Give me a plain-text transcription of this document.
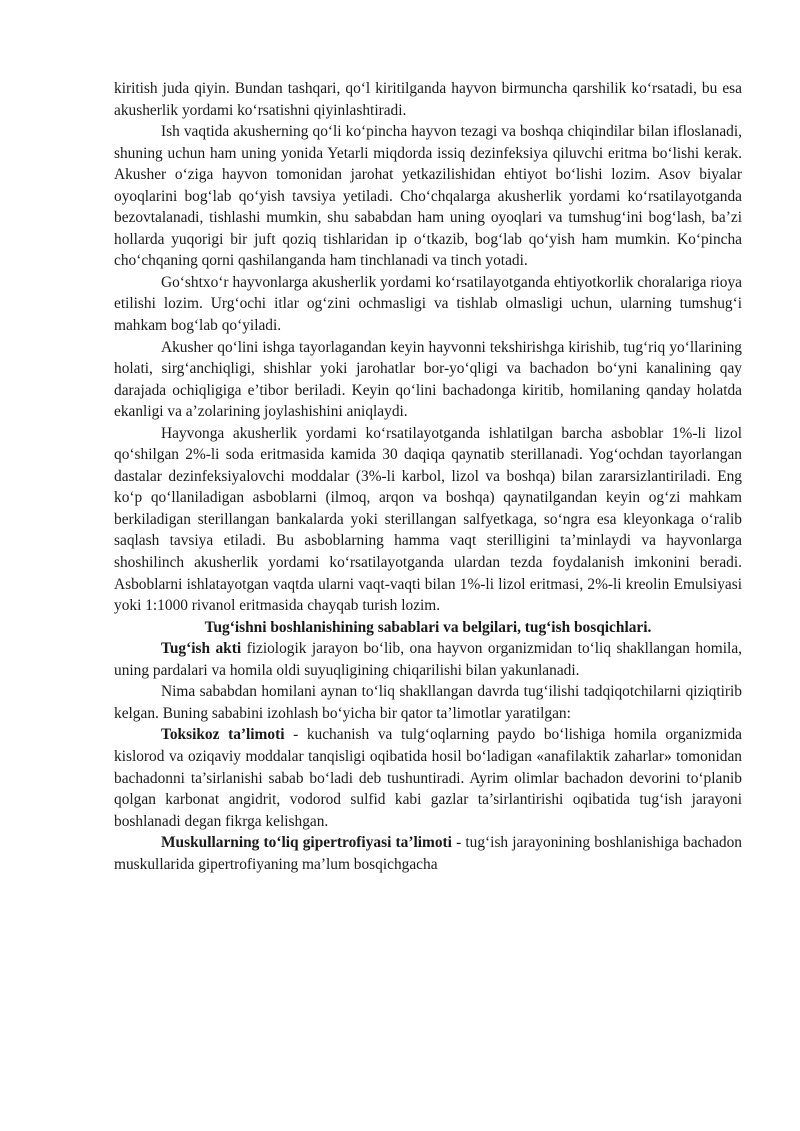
kiritish juda qiyin. Bundan tashqari, qo‘l kiritilganda hayvon birmuncha qarshilik ko‘rsatadi, bu esa akusherlik yordami ko‘rsatishni qiyinlashtiradi.

Ish vaqtida akusherning qo‘li ko‘pincha hayvon tezagi va boshqa chiqindilar bilan ifloslanadi, shuning uchun ham uning yonida Yetarli miqdorda issiq dezinfeksiya qiluvchi eritma bo‘lishi kerak. Akusher o‘ziga hayvon tomonidan jarohat yetkazilishidan ehtiyot bo‘lishi lozim. Asov biyalar oyoqlarini bog‘lab qo‘yish tavsiya yetiladi. Cho‘chqalarga akusherlik yordami ko‘rsatilayotganda bezovtalanadi, tishlashi mumkin, shu sababdan ham uning oyoqlari va tumshug‘ini bog‘lash, ba’zi hollarda yuqorigi bir juft qoziq tishlaridan ip o‘tkazib, bog‘lab qo‘yish ham mumkin. Ko‘pincha cho‘chqaning qorni qashilanganda ham tinchlanadi va tinch yotadi.

Go‘shtxo‘r hayvonlarga akusherlik yordami ko‘rsatilayotganda ehtiyotkorlik choralariga rioya etilishi lozim. Urg‘ochi itlar og‘zini ochmasligi va tishlab olmasligi uchun, ularning tumshug‘i mahkam bog‘lab qo‘yiladi.

Akusher qo‘lini ishga tayorlagandan keyin hayvonni tekshirishga kirishib, tug‘riq yo‘llarining holati, sirg‘anchiqligi, shishlar yoki jarohatlar bor-yo‘qligi va bachadon bo‘yni kanalining qay darajada ochiqligiga e’tibor beriladi. Keyin qo‘lini bachadonga kiritib, homilaning qanday holatda ekanligi va a’zolarining joylashishini aniqlaydi.

Hayvonga akusherlik yordami ko‘rsatilayotganda ishlatilgan barcha asboblar 1%-li lizol qo‘shilgan 2%-li soda eritmasida kamida 30 daqiqa qaynatib sterillanadi. Yog‘ochdan tayorlangan dastalar dezinfeksiyalovchi moddalar (3%-li karbol, lizol va boshqa) bilan zararsizlantiriladi. Eng ko‘p qo‘llaniladigan asboblarni (ilmoq, arqon va boshqa) qaynatilgandan keyin og‘zi mahkam berkiladigan sterillangan bankalarda yoki sterillangan salfyetkaga, so‘ngra esa kleyonkaga o‘ralib saqlash tavsiya etiladi. Bu asboblarning hamma vaqt sterilligini ta’minlaydi va hayvonlarga shoshilinch akusherlik yordami ko‘rsatilayotganda ulardan tezda foydalanish imkonini beradi. Asboblarni ishlatayotgan vaqtda ularni vaqt-vaqti bilan 1%-li lizol eritmasi, 2%-li kreolin Emulsiyasi yoki 1:1000 rivanol eritmasida chayqab turish lozim.

Tug‘ishni boshlanishining sabablari va belgilari, tug‘ish bosqichlari.

Tug‘ish akti fiziologik jarayon bo‘lib, ona hayvon organizmidan to‘liq shakllangan homila, uning pardalari va homila oldi suyuqligining chiqarilishi bilan yakunlanadi.

Nima sababdan homilani aynan to‘liq shakllangan davrda tug‘ilishi tadqiqotchilarni qiziqtirib kelgan. Buning sababini izohlash bo‘yicha bir qator ta’limotlar yaratilgan:

Toksikoz ta’limoti - kuchanish va tulg‘oqlarning paydo bo‘lishiga homila organizmida kislorod va oziqaviy moddalar tanqisligi oqibatida hosil bo‘ladigan «anafilaktik zaharlar» tomonidan bachadonni ta’sirlanishi sabab bo‘ladi deb tushuntiradi. Ayrim olimlar bachadon devorini to‘planib qolgan karbonat angidrit, vodorod sulfid kabi gazlar ta’sirlantirishi oqibatida tug‘ish jarayoni boshlanadi degan fikrga kelishgan.

Muskullarning to‘liq gipertrofiyasi ta’limoti - tug‘ish jarayonining boshlanishiga bachadon muskullarida gipertrofiyaning ma’lum bosqichgacha
